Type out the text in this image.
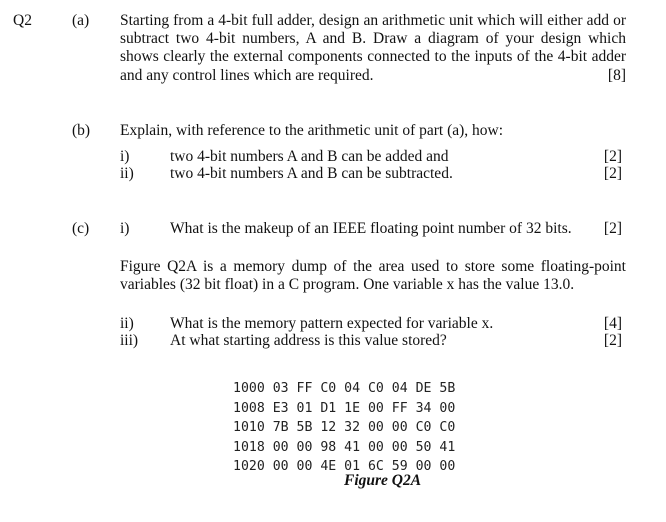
Q2	(a) Starting from a 4-bit full adder, design an arithmetic unit which will either add or subtract two 4-bit numbers, A and B. Draw a diagram of your design which shows clearly the external components connected to the inputs of the 4-bit adder and any control lines which are required.	[8]
(b) Explain, with reference to the arithmetic unit of part (a), how:
i)	two 4-bit numbers A and B can be added and	[2]
ii) two 4-bit numbers A and B can be subtracted.	[2]
(c) i)	What is the makeup of an IEEE floating point number of 32 bits.	[2]
Figure Q2A is a memory dump of the area used to store some floating-point variables (32 bit float) in a C program. One variable x has the value 13.0.
ii) What is the memory pattern expected for variable x.	[4]
iii) At what starting address is this value stored?	[2]
1000 03 FF C0 04 C0 04 DE 5B
1008 E3 01 D1 1E 00 FF 34 00
1010 7B 5B 12 32 00 00 C0 C0
1018 00 00 98 41 00 00 50 41
1020 00 00 4E 01 6C 59 00 00
Figure Q2A
